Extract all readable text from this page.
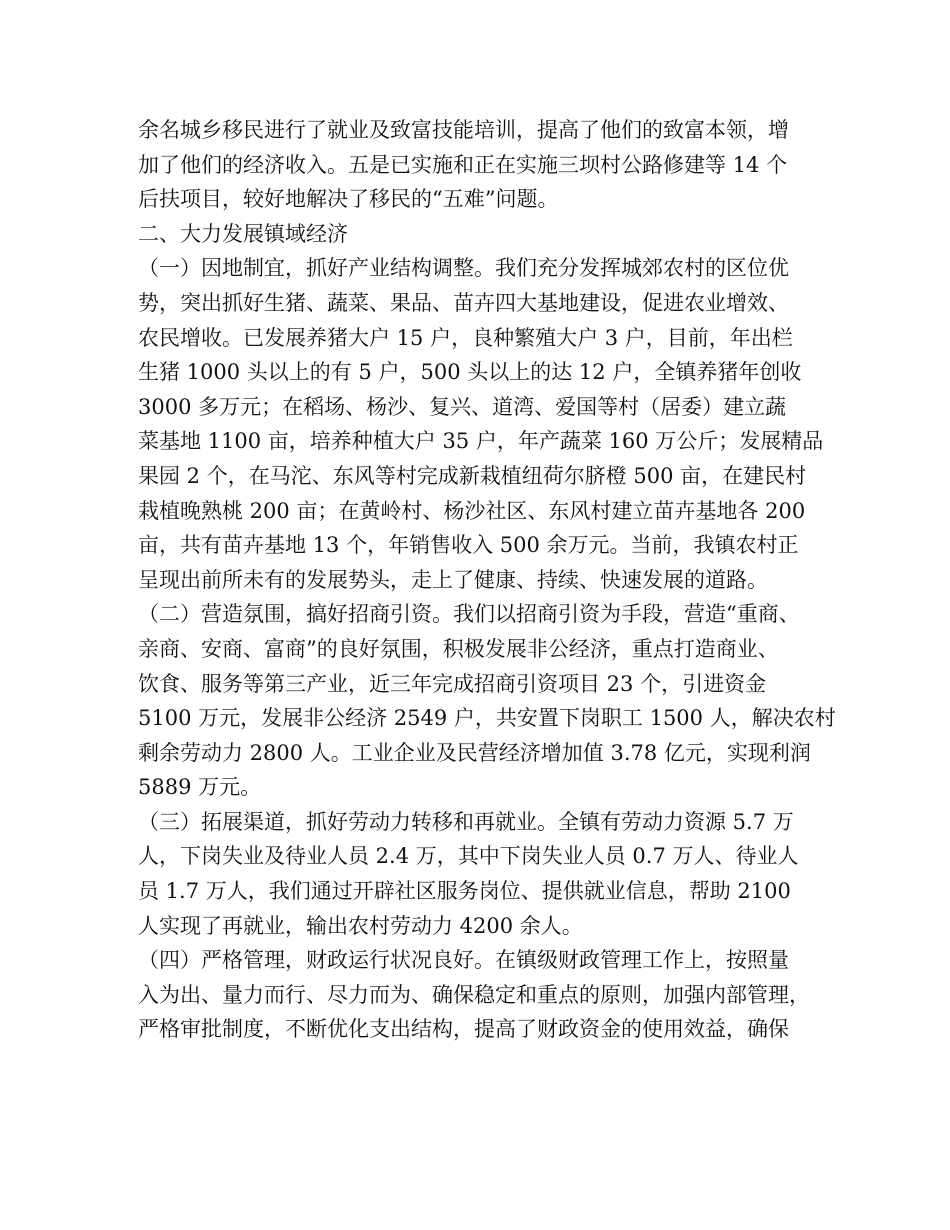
余名城乡移民进行了就业及致富技能培训，提高了他们的致富本领，增
加了他们的经济收入。五是已实施和正在实施三坝村公路修建等 14 个
后扶项目，较好地解决了移民的“五难”问题。
二、大力发展镇域经济
（一）因地制宜，抓好产业结构调整。我们充分发挥城郊农村的区位优
势，突出抓好生猪、蔬菜、果品、苗卉四大基地建设，促进农业增效、
农民增收。已发展养猪大户 15 户，良种繁殖大户 3 户，目前，年出栏
生猪 1000 头以上的有 5 户，500 头以上的达 12 户，全镇养猪年创收
3000 多万元；在稻场、杨沙、复兴、道湾、爱国等村（居委）建立蔬
菜基地 1100 亩，培养种植大户 35 户，年产蔬菜 160 万公斤；发展精品
果园 2 个，在马沱、东风等村完成新栽植纽荷尔脐橙 500 亩，在建民村
栽植晚熟桃 200 亩；在黄岭村、杨沙社区、东风村建立苗卉基地各 200
亩，共有苗卉基地 13 个，年销售收入 500 余万元。当前，我镇农村正
呈现出前所未有的发展势头，走上了健康、持续、快速发展的道路。
（二）营造氛围，搞好招商引资。我们以招商引资为手段，营造“重商、
亲商、安商、富商”的良好氛围，积极发展非公经济，重点打造商业、
饮食、服务等第三产业，近三年完成招商引资项目 23 个，引进资金
5100 万元，发展非公经济 2549 户，共安置下岗职工 1500 人，解决农村
剩余劳动力 2800 人。工业企业及民营经济增加值 3.78 亿元，实现利润
5889 万元。
（三）拓展渠道，抓好劳动力转移和再就业。全镇有劳动力资源 5.7 万
人，下岗失业及待业人员 2.4 万，其中下岗失业人员 0.7 万人、待业人
员 1.7 万人，我们通过开辟社区服务岗位、提供就业信息，帮助 2100
人实现了再就业，输出农村劳动力 4200 余人。
（四）严格管理，财政运行状况良好。在镇级财政管理工作上，按照量
入为出、量力而行、尽力而为、确保稳定和重点的原则，加强内部管理，
严格审批制度，不断优化支出结构，提高了财政资金的使用效益，确保
